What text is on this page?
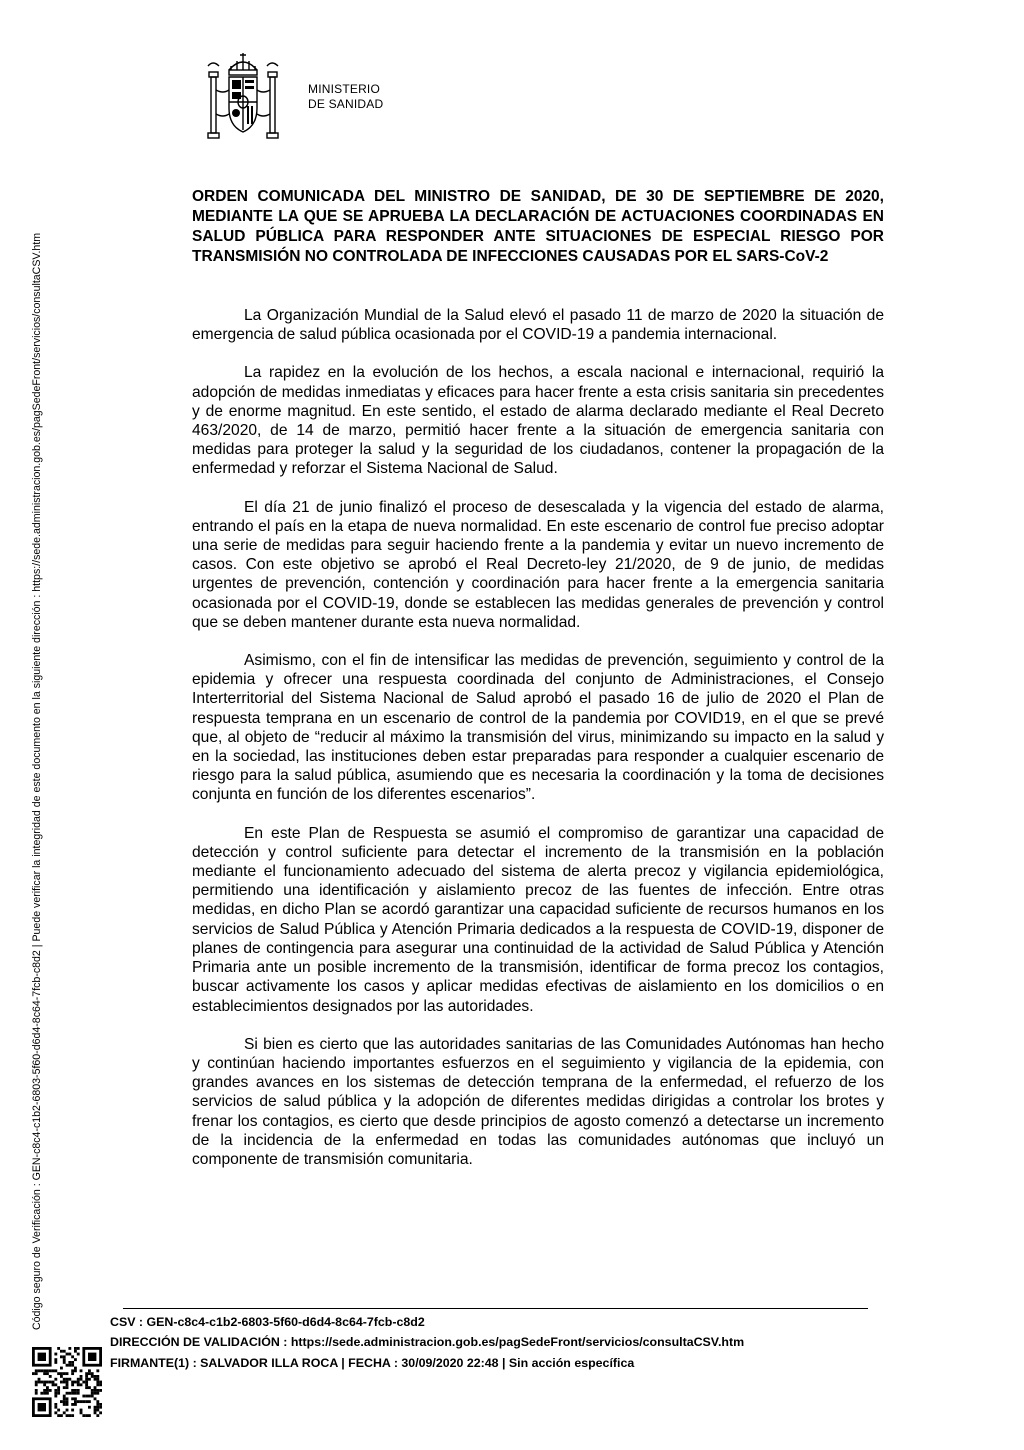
Código seguro de Verificación : GEN-c8c4-c1b2-6803-5f60-d6d4-8c64-7fcb-c8d2 | Puede verificar la integridad de este documento en la siguiente dirección : https://sede.administracion.gob.es/pagSedeFront/servicios/consultaCSV.htm
MINISTERIO
DE SANIDAD
ORDEN COMUNICADA DEL MINISTRO DE SANIDAD, DE 30 DE SEPTIEMBRE DE 2020, MEDIANTE LA QUE SE APRUEBA LA DECLARACIÓN DE ACTUACIONES COORDINADAS EN SALUD PÚBLICA PARA RESPONDER ANTE SITUACIONES DE ESPECIAL RIESGO POR TRANSMISIÓN NO CONTROLADA DE INFECCIONES CAUSADAS POR EL SARS-CoV-2

La Organización Mundial de la Salud elevó el pasado 11 de marzo de 2020 la situación de emergencia de salud pública ocasionada por el COVID-19 a pandemia internacional.

La rapidez en la evolución de los hechos, a escala nacional e internacional, requirió la adopción de medidas inmediatas y eficaces para hacer frente a esta crisis sanitaria sin precedentes y de enorme magnitud. En este sentido, el estado de alarma declarado mediante el Real Decreto 463/2020, de 14 de marzo, permitió hacer frente a la situación de emergencia sanitaria con medidas para proteger la salud y la seguridad de los ciudadanos, contener la propagación de la enfermedad y reforzar el Sistema Nacional de Salud.

El día 21 de junio finalizó el proceso de desescalada y la vigencia del estado de alarma, entrando el país en la etapa de nueva normalidad. En este escenario de control fue preciso adoptar una serie de medidas para seguir haciendo frente a la pandemia y evitar un nuevo incremento de casos. Con este objetivo se aprobó el Real Decreto-ley 21/2020, de 9 de junio, de medidas urgentes de prevención, contención y coordinación para hacer frente a la emergencia sanitaria ocasionada por el COVID-19, donde se establecen las medidas generales de prevención y control que se deben mantener durante esta nueva normalidad.

Asimismo, con el fin de intensificar las medidas de prevención, seguimiento y control de la epidemia y ofrecer una respuesta coordinada del conjunto de Administraciones, el Consejo Interterritorial del Sistema Nacional de Salud aprobó el pasado 16 de julio de 2020 el Plan de respuesta temprana en un escenario de control de la pandemia por COVID19, en el que se prevé que, al objeto de “reducir al máximo la transmisión del virus, minimizando su impacto en la salud y en la sociedad, las instituciones deben estar preparadas para responder a cualquier escenario de riesgo para la salud pública, asumiendo que es necesaria la coordinación y la toma de decisiones conjunta en función de los diferentes escenarios”.

En este Plan de Respuesta se asumió el compromiso de garantizar una capacidad de detección y control suficiente para detectar el incremento de la transmisión en la población mediante el funcionamiento adecuado del sistema de alerta precoz y vigilancia epidemiológica, permitiendo una identificación y aislamiento precoz de las fuentes de infección. Entre otras medidas, en dicho Plan se acordó garantizar una capacidad suficiente de recursos humanos en los servicios de Salud Pública y Atención Primaria dedicados a la respuesta de COVID-19, disponer de planes de contingencia para asegurar una continuidad de la actividad de Salud Pública y Atención Primaria ante un posible incremento de la transmisión, identificar de forma precoz los contagios, buscar activamente los casos y aplicar medidas efectivas de aislamiento en los domicilios o en establecimientos designados por las autoridades.

Si bien es cierto que las autoridades sanitarias de las Comunidades Autónomas han hecho y continúan haciendo importantes esfuerzos en el seguimiento y vigilancia de la epidemia, con grandes avances en los sistemas de detección temprana de la enfermedad, el refuerzo de los servicios de salud pública y la adopción de diferentes medidas dirigidas a controlar los brotes y frenar los contagios, es cierto que desde principios de agosto comenzó a detectarse un incremento de la incidencia de la enfermedad en todas las comunidades autónomas que incluyó un componente de transmisión comunitaria.

CSV : GEN-c8c4-c1b2-6803-5f60-d6d4-8c64-7fcb-c8d2
DIRECCIÓN DE VALIDACIÓN : https://sede.administracion.gob.es/pagSedeFront/servicios/consultaCSV.htm
FIRMANTE(1) : SALVADOR ILLA ROCA | FECHA : 30/09/2020 22:48 | Sin acción específica
